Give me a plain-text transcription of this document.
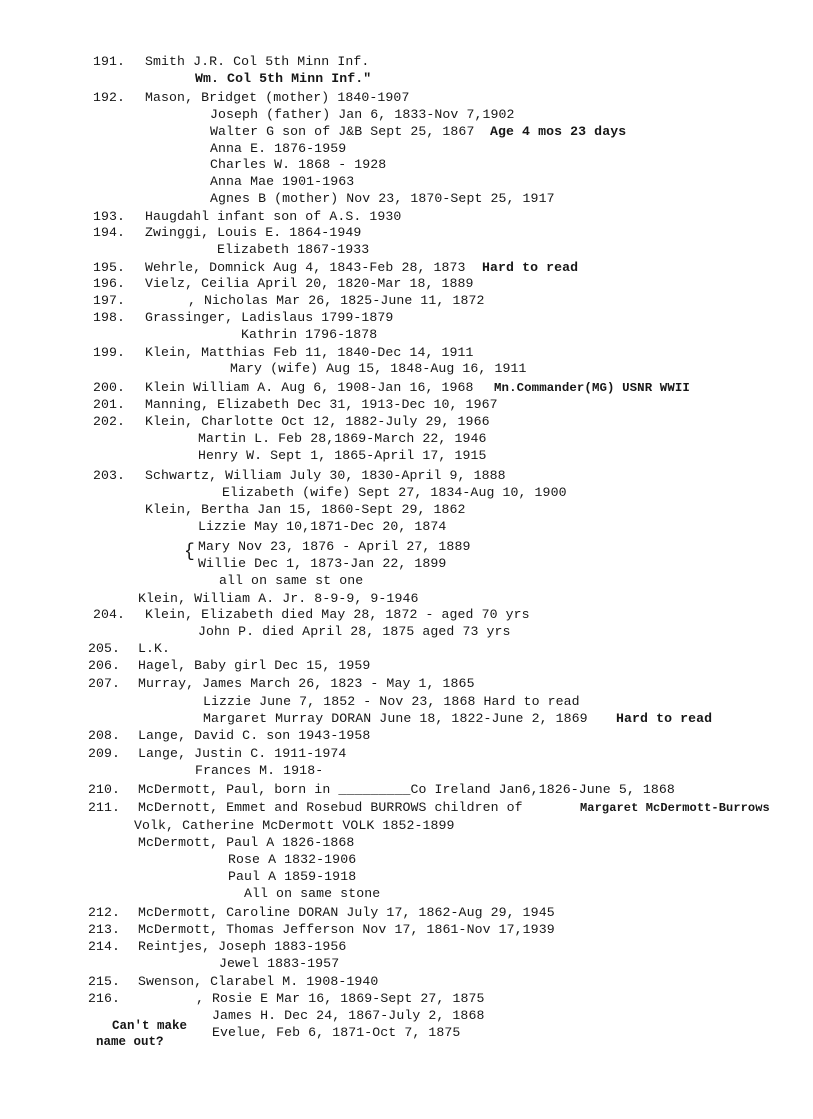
191. Smith J.R. Col 5th Minn Inf.
Wm. Col 5th Minn Inf."
192. Mason, Bridget (mother) 1840-1907
Joseph (father) Jan 6, 1833-Nov 7,1902
Walter G son of J&B Sept 25, 1867 Age 4 mos 23 days
Anna E. 1876-1959
Charles W. 1868 - 1928
Anna Mae 1901-1963
Agnes B (mother) Nov 23, 1870-Sept 25, 1917
193. Haugdahl infant son of A.S. 1930
194. Zwinggi, Louis E. 1864-1949
Elizabeth 1867-1933
195. Wehrle, Domnick Aug 4, 1843-Feb 28, 1873 Hard to read
196. Vielz, Ceilia April 20, 1820-Mar 18, 1889
197.	, Nicholas Mar 26, 1825-June 11, 1872
198. Grassinger, Ladislaus 1799-1879
Kathrin 1796-1878
199. Klein, Matthias Feb 11, 1840-Dec 14, 1911
Mary (wife) Aug 15, 1848-Aug 16, 1911
200. Klein William A. Aug 6, 1908-Jan 16, 1968 Mn.Commander(MG) USNR WWII
201. Manning, Elizabeth Dec 31, 1913-Dec 10, 1967
202. Klein, Charlotte Oct 12, 1882-July 29, 1966
Martin L. Feb 28,1869-March 22, 1946
Henry W. Sept 1, 1865-April 17, 1915
203. Schwartz, William July 30, 1830-April 9, 1888
Elizabeth (wife) Sept 27, 1834-Aug 10, 1900
Klein, Bertha Jan 15, 1860-Sept 29, 1862
Lizzie May 10,1871-Dec 20, 1874
{ Mary Nov 23, 1876 - April 27, 1889
Willie Dec 1, 1873-Jan 22, 1899
all on same st one
Klein, William A. Jr. 8-9-9, 9-1946
204. Klein, Elizabeth died May 28, 1872 - aged 70 yrs
John P. died April 28, 1875 aged 73 yrs
205. L.K.
206. Hagel, Baby girl Dec 15, 1959
207. Murray, James March 26, 1823 - May 1, 1865
Lizzie June 7, 1852 - Nov 23, 1868 Hard to read
Margaret Murray DORAN June 18, 1822-June 2, 1869 Hard to read
208. Lange, David C. son 1943-1958
209. Lange, Justin C. 1911-1974
Frances M. 1918-
210. McDermott, Paul, born in _________Co Ireland Jan6,1826-June 5, 1868
211. McDernott, Emmet and Rosebud BURROWS children of	Margaret McDermott-Burrows
Volk, Catherine McDermott VOLK 1852-1899
McDermott, Paul A 1826-1868
Rose A 1832-1906
Paul A 1859-1918
All on same stone
212. McDermott, Caroline DORAN July 17, 1862-Aug 29, 1945
213. McDermott, Thomas Jefferson Nov 17, 1861-Nov 17,1939
214. Reintjes, Joseph 1883-1956
Jewel 1883-1957
215. Swenson, Clarabel M. 1908-1940
216.	, Rosie E Mar 16, 1869-Sept 27, 1875
James H. Dec 24, 1867-July 2, 1868
Evelue, Feb 6, 1871-Oct 7, 1875
Can't make
name out?
